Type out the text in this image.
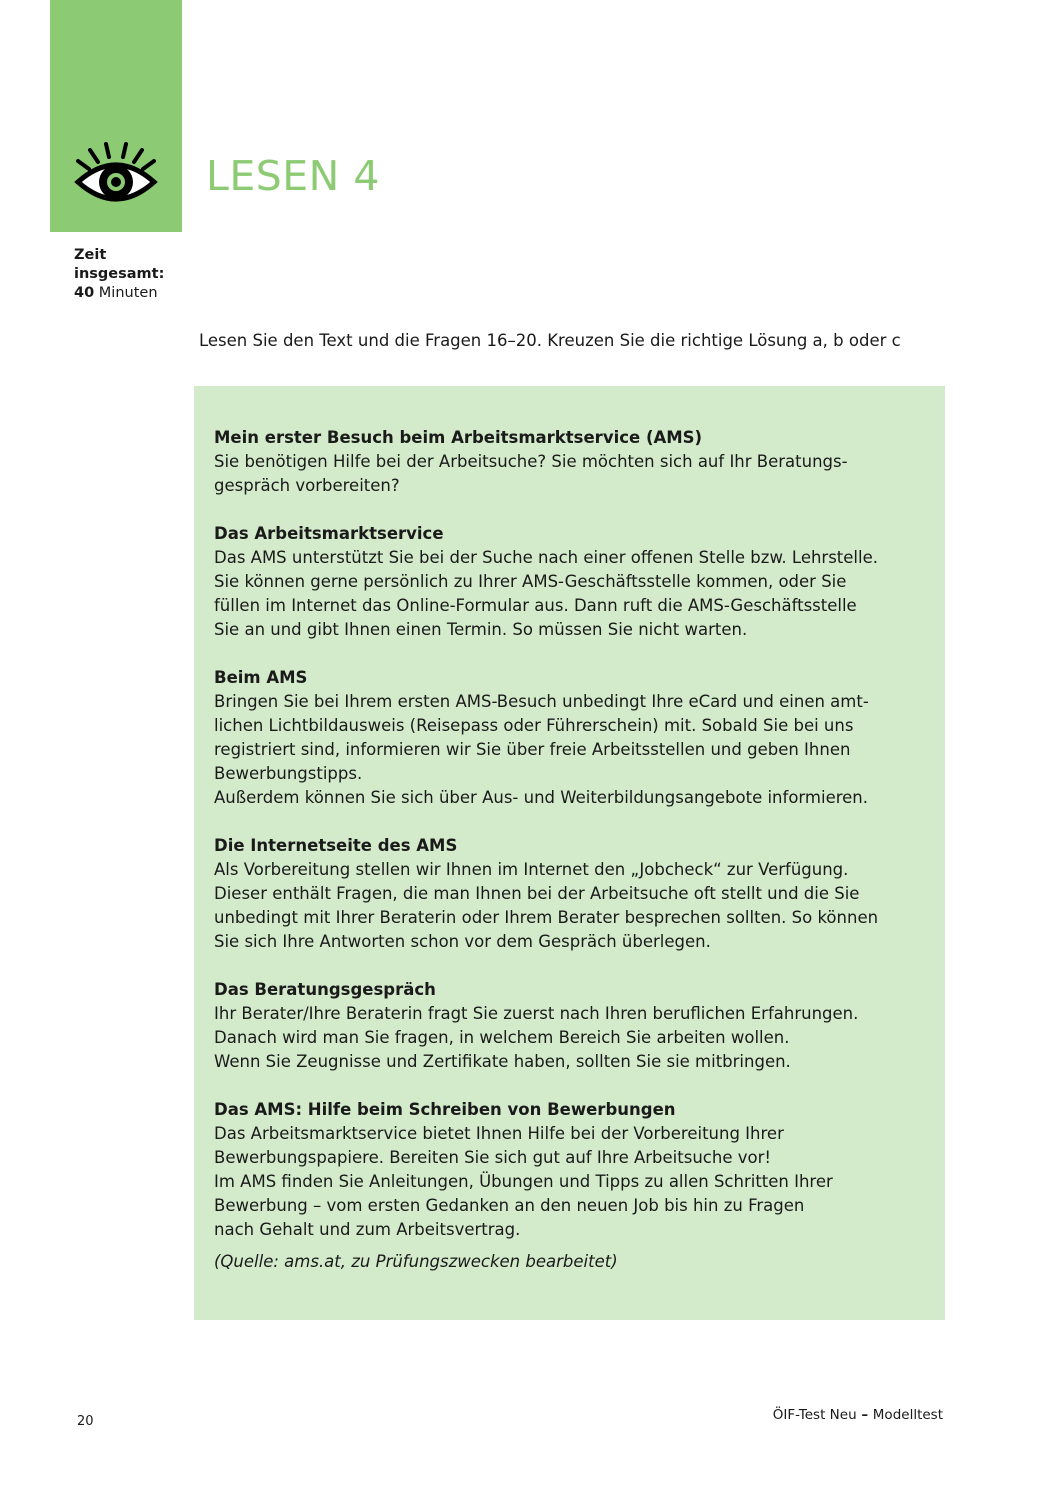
LESEN 4
Zeit
insgesamt:
40 Minuten
Lesen Sie den Text und die Fragen 16–20. Kreuzen Sie die richtige Lösung a, b oder c
Mein erster Besuch beim Arbeitsmarktservice (AMS)

Sie benötigen Hilfe bei der Arbeitsuche? Sie möchten sich auf Ihr Beratungs-

gespräch vorbereiten?

Das Arbeitsmarktservice

Das AMS unterstützt Sie bei der Suche nach einer offenen Stelle bzw. Lehrstelle.

Sie können gerne persönlich zu Ihrer AMS-Geschäftsstelle kommen, oder Sie

füllen im Internet das Online-Formular aus. Dann ruft die AMS-Geschäftsstelle

Sie an und gibt Ihnen einen Termin. So müssen Sie nicht warten.

Beim AMS

Bringen Sie bei Ihrem ersten AMS-Besuch unbedingt Ihre eCard und einen amt-

lichen Lichtbildausweis (Reisepass oder Führerschein) mit. Sobald Sie bei uns

registriert sind, informieren wir Sie über freie Arbeitsstellen und geben Ihnen

Bewerbungstipps.

Außerdem können Sie sich über Aus- und Weiterbildungsangebote informieren.

Die Internetseite des AMS

Als Vorbereitung stellen wir Ihnen im Internet den „Jobcheck“ zur Verfügung.

Dieser enthält Fragen, die man Ihnen bei der Arbeitsuche oft stellt und die Sie

unbedingt mit Ihrer Beraterin oder Ihrem Berater besprechen sollten. So können

Sie sich Ihre Antworten schon vor dem Gespräch überlegen.

Das Beratungsgespräch

Ihr Berater/Ihre Beraterin fragt Sie zuerst nach Ihren beruflichen Erfahrungen.

Danach wird man Sie fragen, in welchem Bereich Sie arbeiten wollen.

Wenn Sie Zeugnisse und Zertifikate haben, sollten Sie sie mitbringen.

Das AMS: Hilfe beim Schreiben von Bewerbungen

Das Arbeitsmarktservice bietet Ihnen Hilfe bei der Vorbereitung Ihrer

Bewerbungspapiere. Bereiten Sie sich gut auf Ihre Arbeitsuche vor!

Im AMS finden Sie Anleitungen, Übungen und Tipps zu allen Schritten Ihrer

Bewerbung – vom ersten Gedanken an den neuen Job bis hin zu Fragen

nach Gehalt und zum Arbeitsvertrag.

(Quelle: ams.at, zu Prüfungszwecken bearbeitet)

20	ÖIF-Test Neu – Modelltest
